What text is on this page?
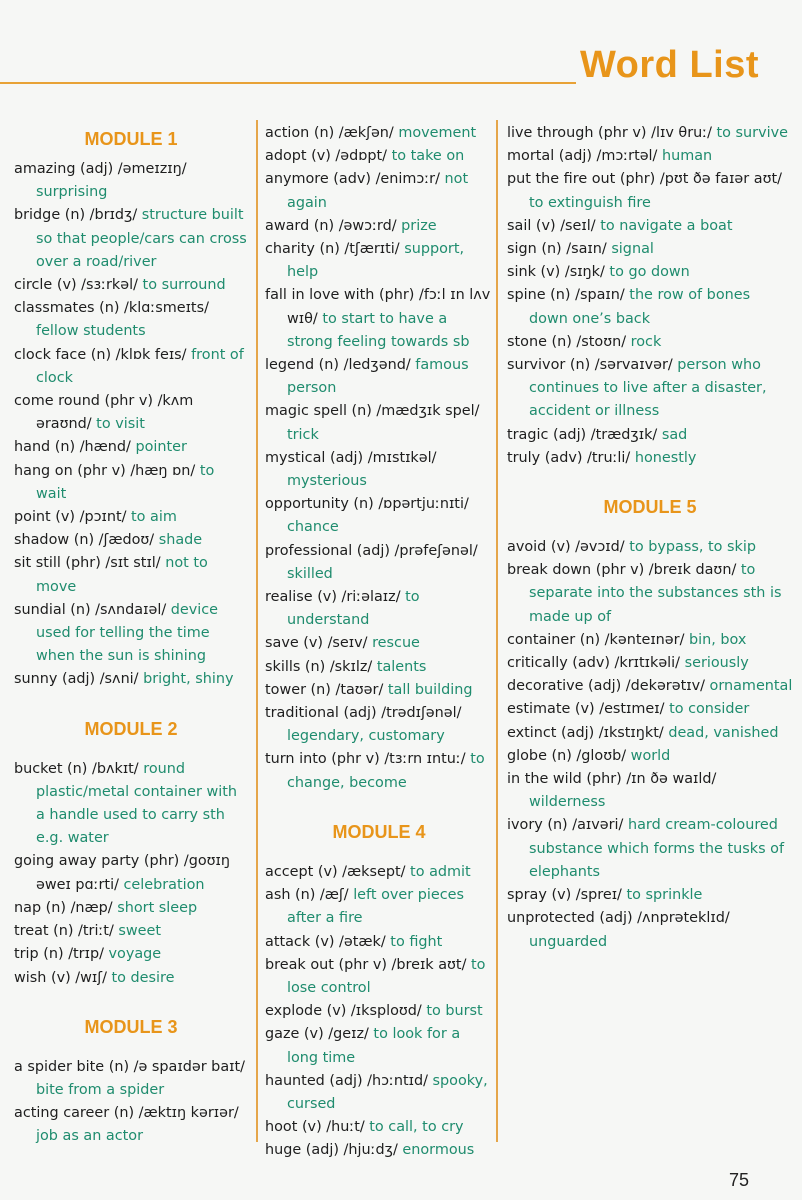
Word List
MODULE 1
amazing (adj) /əmeɪzɪŋ/ surprising
bridge (n) /brɪdʒ/ structure built so that people/cars can cross over a road/river
circle (v) /sɜːrkəl/ to surround
classmates (n) /klɑːsmeɪts/ fellow students
clock face (n) /klɒk feɪs/ front of clock
come round (phr v) /kʌm əraʊnd/ to visit
hand (n) /hænd/ pointer
hang on (phr v) /hæŋ ɒn/ to wait
point (v) /pɔɪnt/ to aim
shadow (n) /ʃædoʊ/ shade
sit still (phr) /sɪt stɪl/ not to move
sundial (n) /sʌndaɪəl/ device used for telling the time when the sun is shining
sunny (adj) /sʌni/ bright, shiny
MODULE 2
bucket (n) /bʌkɪt/ round plastic/metal container with a handle used to carry sth e.g. water
going away party (phr) /goʊɪŋ əweɪ pɑːrti/ celebration
nap (n) /næp/ short sleep
treat (n) /triːt/ sweet
trip (n) /trɪp/ voyage
wish (v) /wɪʃ/ to desire
MODULE 3
a spider bite (n) /ə spaɪdər baɪt/ bite from a spider
acting career (n) /æktɪŋ kərɪər/ job as an actor
action (n) /ækʃən/ movement
adopt (v) /ədɒpt/ to take on
anymore (adv) /enimɔːr/ not again
award (n) /əwɔːrd/ prize
charity (n) /tʃærɪti/ support, help
fall in love with (phr) /fɔːl ɪn lʌv wɪθ/ to start to have a strong feeling towards sb
legend (n) /ledʒənd/ famous person
magic spell (n) /mædʒɪk spel/ trick
mystical (adj) /mɪstɪkəl/ mysterious
opportunity (n) /ɒpərtjuːnɪti/ chance
professional (adj) /prəfeʃənəl/ skilled
realise (v) /riːəlaɪz/ to understand
save (v) /seɪv/ rescue
skills (n) /skɪlz/ talents
tower (n) /taʊər/ tall building
traditional (adj) /trədɪʃənəl/ legendary, customary
turn into (phr v) /tɜːrn ɪntuː/ to change, become
MODULE 4
accept (v) /æksept/ to admit
ash (n) /æʃ/ left over pieces after a fire
attack (v) /ətæk/ to fight
break out (phr v) /breɪk aʊt/ to lose control
explode (v) /ɪksploʊd/ to burst
gaze (v) /geɪz/ to look for a long time
haunted (adj) /hɔːntɪd/ spooky, cursed
hoot (v) /huːt/ to call, to cry
huge (adj) /hjuːdʒ/ enormous
live through (phr v) /lɪv θruː/ to survive
mortal (adj) /mɔːrtəl/ human
put the fire out (phr) /pʊt ðə faɪər aʊt/ to extinguish fire
sail (v) /seɪl/ to navigate a boat
sign (n) /saɪn/ signal
sink (v) /sɪŋk/ to go down
spine (n) /spaɪn/ the row of bones down one’s back
stone (n) /stoʊn/ rock
survivor (n) /sərvaɪvər/ person who continues to live after a disaster, accident or illness
tragic (adj) /trædʒɪk/ sad
truly (adv) /truːli/ honestly
MODULE 5
avoid (v) /əvɔɪd/ to bypass, to skip
break down (phr v) /breɪk daʊn/ to separate into the substances sth is made up of
container (n) /kənteɪnər/ bin, box
critically (adv) /krɪtɪkəli/ seriously
decorative (adj) /dekərətɪv/ ornamental
estimate (v) /estɪmeɪ/ to consider
extinct (adj) /ɪkstɪŋkt/ dead, vanished
globe (n) /gloʊb/ world
in the wild (phr) /ɪn ðə waɪld/ wilderness
ivory (n) /aɪvəri/ hard cream-coloured substance which forms the tusks of elephants
spray (v) /spreɪ/ to sprinkle
unprotected (adj) /ʌnprəteklɪd/ unguarded
75
